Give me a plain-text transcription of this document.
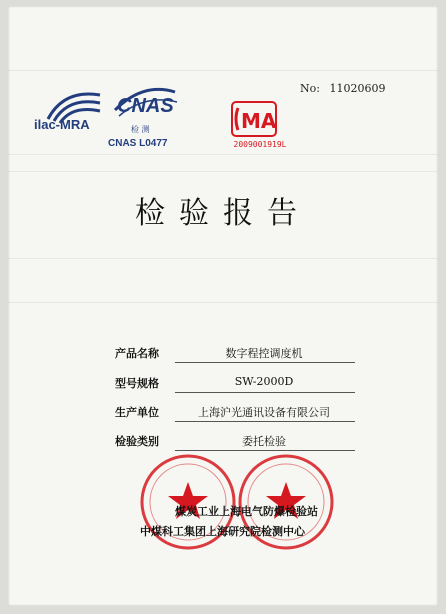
No: 11020609
ilac-MRA
CNAS
检 测
CNAS L0477
MA
2009001919L
检验报告
产品名称	数字程控调度机
型号规格	SW-2000D
生产单位	上海沪光通讯设备有限公司
检验类别	委托检验
煤炭工业上海电气防爆检验站
中煤科工集团上海研究院检测中心
